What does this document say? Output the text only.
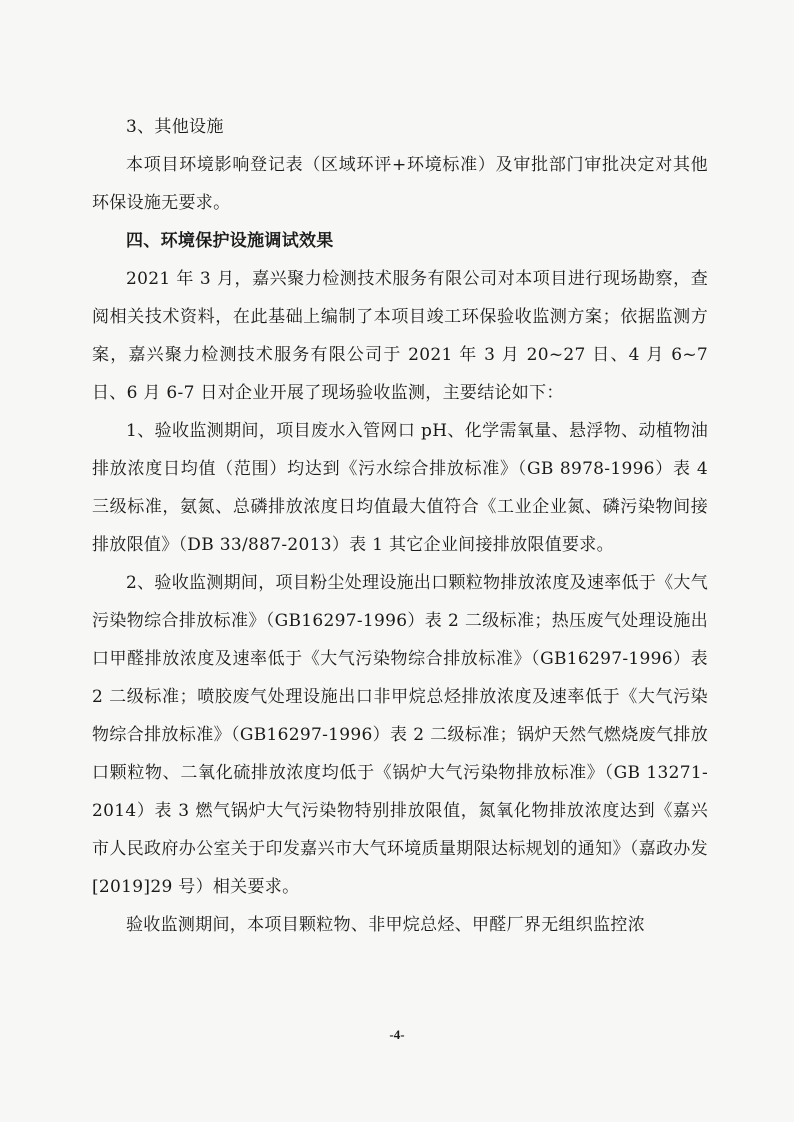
3、其他设施

本项目环境影响登记表（区域环评+环境标准）及审批部门审批决定对其他环保设施无要求。

四、环境保护设施调试效果

2021 年 3 月，嘉兴聚力检测技术服务有限公司对本项目进行现场勘察，查阅相关技术资料，在此基础上编制了本项目竣工环保验收监测方案；依据监测方案，嘉兴聚力检测技术服务有限公司于 2021 年 3 月 20~27 日、4 月 6~7 日、6 月 6-7 日对企业开展了现场验收监测，主要结论如下：

1、验收监测期间，项目废水入管网口 pH、化学需氧量、悬浮物、动植物油排放浓度日均值（范围）均达到《污水综合排放标准》（GB 8978-1996）表 4 三级标准，氨氮、总磷排放浓度日均值最大值符合《工业企业氮、磷污染物间接排放限值》（DB 33/887-2013）表 1 其它企业间接排放限值要求。

2、验收监测期间，项目粉尘处理设施出口颗粒物排放浓度及速率低于《大气污染物综合排放标准》（GB16297-1996）表 2 二级标准；热压废气处理设施出口甲醛排放浓度及速率低于《大气污染物综合排放标准》（GB16297-1996）表 2 二级标准；喷胶废气处理设施出口非甲烷总烃排放浓度及速率低于《大气污染物综合排放标准》（GB16297-1996）表 2 二级标准；锅炉天然气燃烧废气排放口颗粒物、二氧化硫排放浓度均低于《锅炉大气污染物排放标准》（GB 13271-2014）表 3 燃气锅炉大气污染物特别排放限值，氮氧化物排放浓度达到《嘉兴市人民政府办公室关于印发嘉兴市大气环境质量期限达标规划的通知》（嘉政办发[2019]29 号）相关要求。

验收监测期间，本项目颗粒物、非甲烷总烃、甲醛厂界无组织监控浓

-4-
